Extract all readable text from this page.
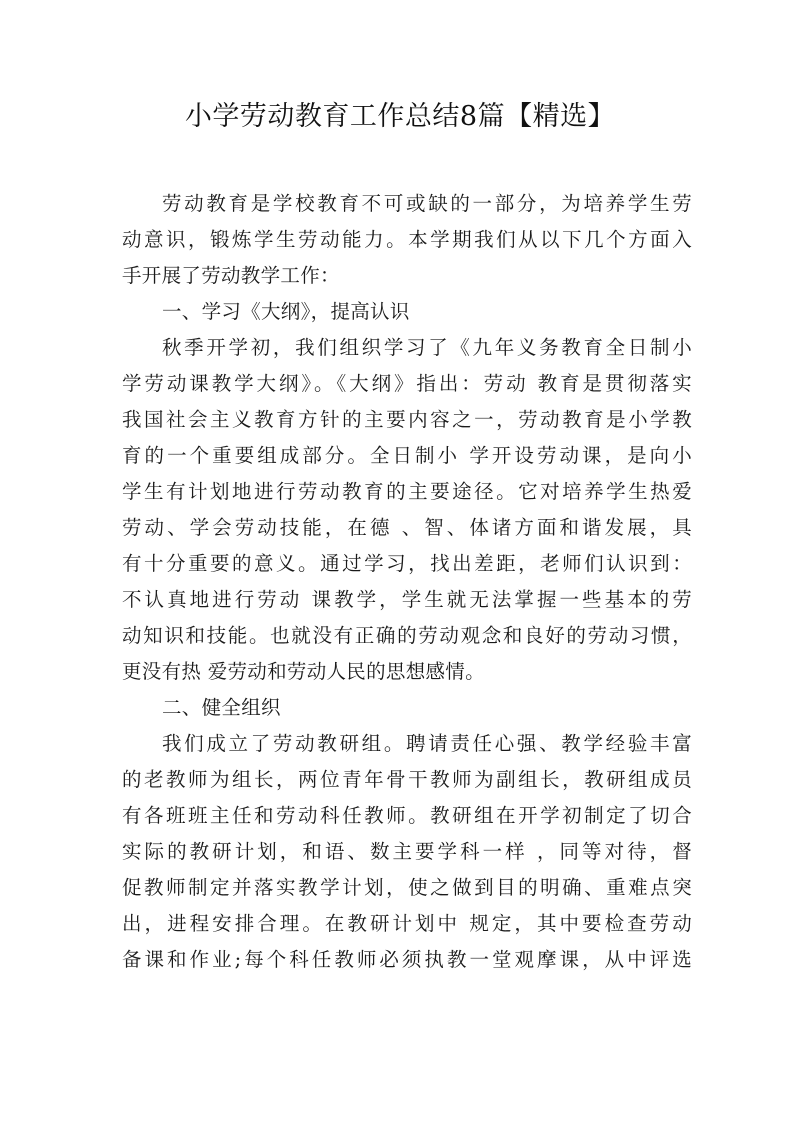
小学劳动教育工作总结8篇【精选】
劳动教育是学校教育不可或缺的一部分，为培养学生劳
动意识，锻炼学生劳动能力。本学期我们从以下几个方面入
手开展了劳动教学工作：
一、学习《大纲》，提高认识
秋季开学初，我们组织学习了《九年义务教育全日制小
学劳动课教学大纲》。《大纲》指出：劳动 教育是贯彻落实
我国社会主义教育方针的主要内容之一，劳动教育是小学教
育的一个重要组成部分。全日制小 学开设劳动课，是向小
学生有计划地进行劳动教育的主要途径。它对培养学生热爱
劳动、学会劳动技能，在德 、智、体诸方面和谐发展，具
有十分重要的意义。通过学习，找出差距，老师们认识到：
不认真地进行劳动 课教学，学生就无法掌握一些基本的劳
动知识和技能。也就没有正确的劳动观念和良好的劳动习惯，
更没有热 爱劳动和劳动人民的思想感情。
二、健全组织
我们成立了劳动教研组。聘请责任心强、教学经验丰富
的老教师为组长，两位青年骨干教师为副组长，教研组成员
有各班班主任和劳动科任教师。教研组在开学初制定了切合
实际的教研计划，和语、数主要学科一样 ，同等对待，督
促教师制定并落实教学计划，使之做到目的明确、重难点突
出，进程安排合理。在教研计划中 规定，其中要检查劳动
备课和作业;每个科任教师必须执教一堂观摩课，从中评选
